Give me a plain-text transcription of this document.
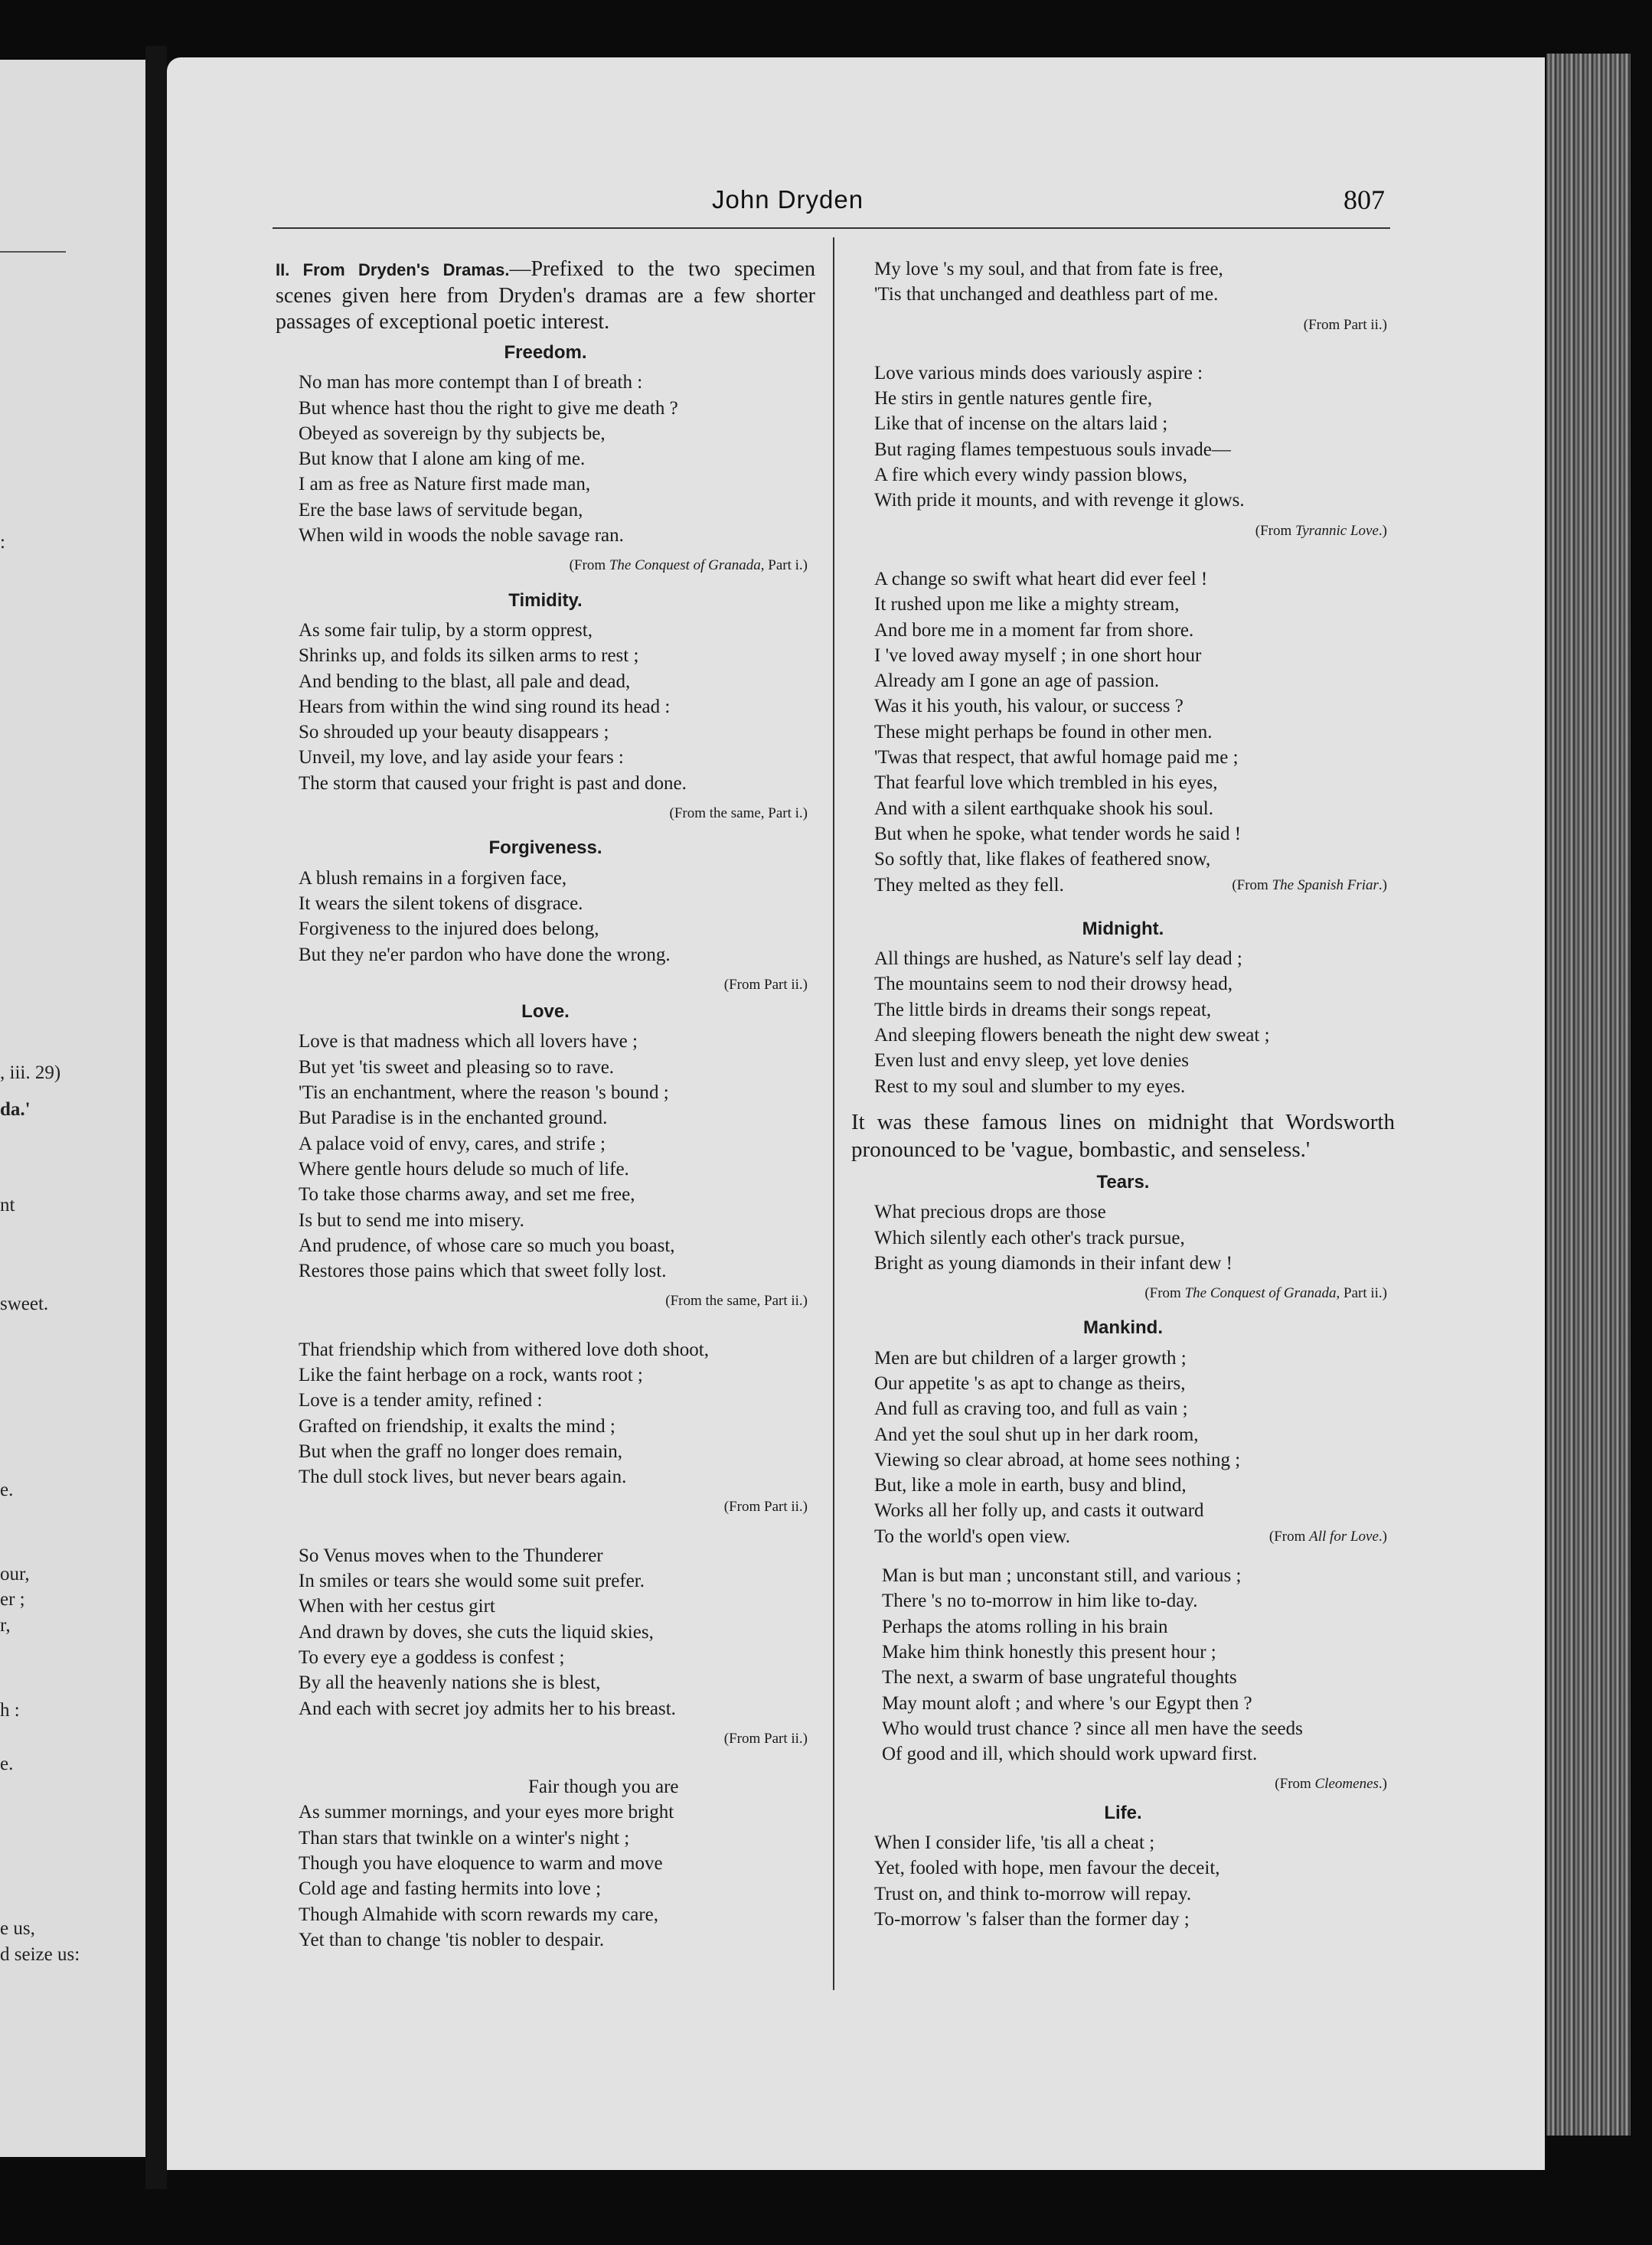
:
, iii. 29)
da.'
nt
sweet.
e.
our,
er ;
r,
h :
e.
e us,
d seize us:
John Dryden	807

II. From Dryden's Dramas.—Prefixed to the two specimen scenes given here from Dryden's dramas are a few shorter passages of exceptional poetic interest.

Freedom.
No man has more contempt than I of breath :
But whence hast thou the right to give me death ?
Obeyed as sovereign by thy subjects be,
But know that I alone am king of me.
I am as free as Nature first made man,
Ere the base laws of servitude began,
When wild in woods the noble savage ran.
(From The Conquest of Granada, Part i.)
Timidity.
As some fair tulip, by a storm opprest,
Shrinks up, and folds its silken arms to rest ;
And bending to the blast, all pale and dead,
Hears from within the wind sing round its head :
So shrouded up your beauty disappears ;
Unveil, my love, and lay aside your fears :
The storm that caused your fright is past and done.
(From the same, Part i.)
Forgiveness.
A blush remains in a forgiven face,
It wears the silent tokens of disgrace.
Forgiveness to the injured does belong,
But they ne'er pardon who have done the wrong.
(From Part ii.)
Love.
Love is that madness which all lovers have ;
But yet 'tis sweet and pleasing so to rave.
'Tis an enchantment, where the reason 's bound ;
But Paradise is in the enchanted ground.
A palace void of envy, cares, and strife ;
Where gentle hours delude so much of life.
To take those charms away, and set me free,
Is but to send me into misery.
And prudence, of whose care so much you boast,
Restores those pains which that sweet folly lost.
(From the same, Part ii.)
That friendship which from withered love doth shoot,
Like the faint herbage on a rock, wants root ;
Love is a tender amity, refined :
Grafted on friendship, it exalts the mind ;
But when the graff no longer does remain,
The dull stock lives, but never bears again.
(From Part ii.)
So Venus moves when to the Thunderer
In smiles or tears she would some suit prefer.
When with her cestus girt
And drawn by doves, she cuts the liquid skies,
To every eye a goddess is confest ;
By all the heavenly nations she is blest,
And each with secret joy admits her to his breast.
(From Part ii.)
Fair though you are
As summer mornings, and your eyes more bright
Than stars that twinkle on a winter's night ;
Though you have eloquence to warm and move
Cold age and fasting hermits into love ;
Though Almahide with scorn rewards my care,
Yet than to change 'tis nobler to despair.
My love 's my soul, and that from fate is free,
'Tis that unchanged and deathless part of me.
(From Part ii.)
Love various minds does variously aspire :
He stirs in gentle natures gentle fire,
Like that of incense on the altars laid ;
But raging flames tempestuous souls invade—
A fire which every windy passion blows,
With pride it mounts, and with revenge it glows.
(From Tyrannic Love.)
A change so swift what heart did ever feel !
It rushed upon me like a mighty stream,
And bore me in a moment far from shore.
I 've loved away myself ; in one short hour
Already am I gone an age of passion.
Was it his youth, his valour, or success ?
These might perhaps be found in other men.
'Twas that respect, that awful homage paid me ;
That fearful love which trembled in his eyes,
And with a silent earthquake shook his soul.
But when he spoke, what tender words he said !
So softly that, like flakes of feathered snow,
They melted as they fell.	(From The Spanish Friar.)
Midnight.
All things are hushed, as Nature's self lay dead ;
The mountains seem to nod their drowsy head,
The little birds in dreams their songs repeat,
And sleeping flowers beneath the night dew sweat ;
Even lust and envy sleep, yet love denies
Rest to my soul and slumber to my eyes.

It was these famous lines on midnight that Wordsworth pronounced to be 'vague, bombastic, and senseless.'

Tears.
What precious drops are those
Which silently each other's track pursue,
Bright as young diamonds in their infant dew !
(From The Conquest of Granada, Part ii.)
Mankind.
Men are but children of a larger growth ;
Our appetite 's as apt to change as theirs,
And full as craving too, and full as vain ;
And yet the soul shut up in her dark room,
Viewing so clear abroad, at home sees nothing ;
But, like a mole in earth, busy and blind,
Works all her folly up, and casts it outward
To the world's open view.	(From All for Love.)
Man is but man ; unconstant still, and various ;
There 's no to-morrow in him like to-day.
Perhaps the atoms rolling in his brain
Make him think honestly this present hour ;
The next, a swarm of base ungrateful thoughts
May mount aloft ; and where 's our Egypt then ?
Who would trust chance ? since all men have the seeds
Of good and ill, which should work upward first.
(From Cleomenes.)
Life.
When I consider life, 'tis all a cheat ;
Yet, fooled with hope, men favour the deceit,
Trust on, and think to-morrow will repay.
To-morrow 's falser than the former day ;
